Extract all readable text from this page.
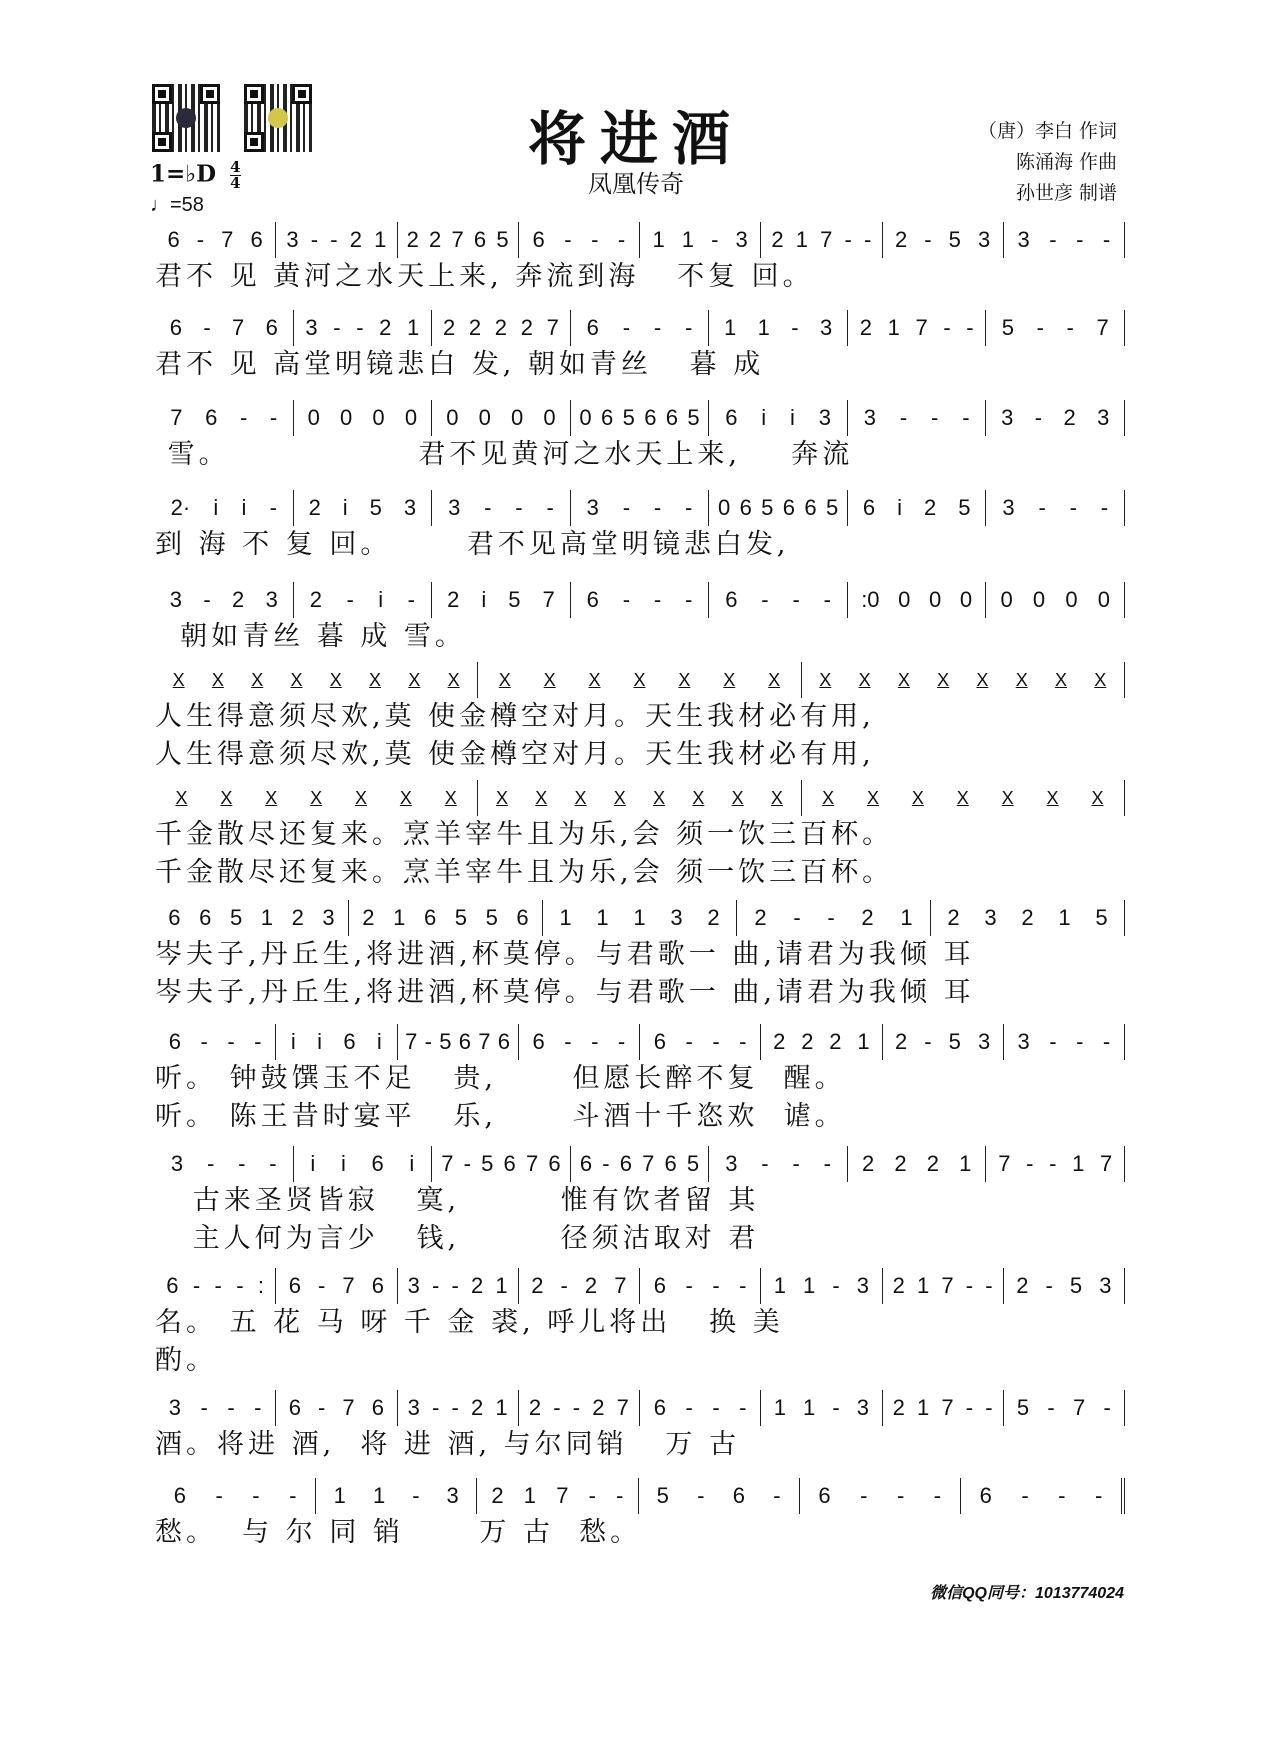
将进酒
凤凰传奇
（唐）李白 作词
陈涌海 作曲
孙世彦 制谱
1=♭D $\frac{4}{4}$
♩=58
6 - 7 6 3 - - 2 1 2 2 7 6 5 6 - - - 1 1 - 3 2 1 7 - - 2 - 5 3 3 - - -
君不 见 黄河之水天上来, 奔流到海   不复 回。
6 - 7 6 3 - - 2 1 2 2 2 2 7 6 - - - 1 1 - 3 2 1 7 - - 5 - - 7
君不 见 高堂明镜悲白 发, 朝如青丝   暮 成
7 6 - - 0 0 0 0 0 0 0 0 0 6 5 6 6 5 6 i i 3 3 - - - 3 - 2 3
雪。               君不见黄河之水天上来,    奔流
2· i i - 2 i 5 3 3 - - - 3 - - - 0 6 5 6 6 5 6 i 2 5 3 - - -
到 海 不 复 回。      君不见高堂明镜悲白发,
3 - 2 3 2 - i - 2 i 5 7 6 - - - 6 - - - :0 0 0 0 0 0 0 0
朝如青丝 暮 成 雪。
X X X X X X X X X X X X X X X X X X X X X X X
人生得意须尽欢,莫 使金樽空对月。天生我材必有用,
人生得意须尽欢,莫 使金樽空对月。天生我材必有用,
X X X X X X X X X X X X X X X X X X X X X X
千金散尽还复来。烹羊宰牛且为乐,会 须一饮三百杯。
千金散尽还复来。烹羊宰牛且为乐,会 须一饮三百杯。
6 6 5 1 2 3 2 1 6 5 5 6 1 1 1 3 2 2 - - 2 1 2 3 2 1 5
岑夫子,丹丘生,将进酒,杯莫停。与君歌一 曲,请君为我倾 耳
岑夫子,丹丘生,将进酒,杯莫停。与君歌一 曲,请君为我倾 耳
6 - - - i i 6 i 7 - 5 6 7 6 6 - - - 6 - - - 2 2 2 1 2 - 5 3 3 - - -
听。 钟鼓馔玉不足   贵,      但愿长醉不复  醒。
听。 陈王昔时宴平   乐,      斗酒十千恣欢  谑。
3 - - - i i 6 i 7 - 5 6 7 6 6 - 6 7 6 5 3 - - - 2 2 2 1 7 - - 1 7
古来圣贤皆寂   寞,        惟有饮者留 其
主人何为言少   钱,        径须沽取对 君
6 - - - : 6 - 7 6 3 - - 2 1 2 - 2 7 6 - - - 1 1 - 3 2 1 7 - - 2 - 5 3
名。 五 花 马 呀 千 金 裘, 呼儿将出   换 美
酌。
3 - - - 6 - 7 6 3 - - 2 1 2 - - 2 7 6 - - - 1 1 - 3 2 1 7 - - 5 - 7 -
酒。将进 酒,  将 进 酒, 与尔同销   万 古
6 - - - 1 1 - 3 2 1 7 - - 5 - 6 - 6 - - - 6 - - -
愁。  与 尔 同 销      万 古  愁。
微信QQ同号：1013774024
